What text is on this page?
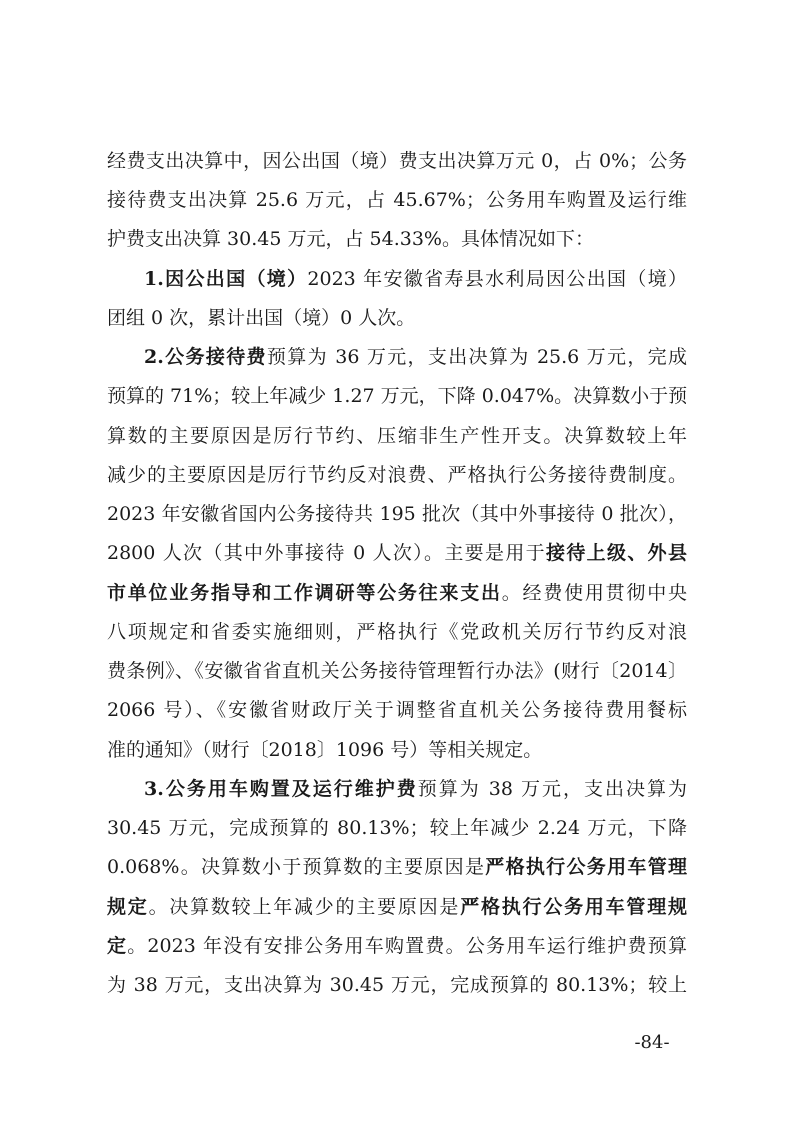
经费支出决算中，因公出国（境）费支出决算万元 0，占 0%；公务
接待费支出决算 25.6 万元，占 45.67%；公务用车购置及运行维
护费支出决算 30.45 万元，占 54.33%。具体情况如下：
1.因公出国（境）2023 年安徽省寿县水利局因公出国（境）
团组 0 次，累计出国（境）0 人次。
2.公务接待费预算为 36 万元，支出决算为 25.6 万元，完成
预算的 71%；较上年减少 1.27 万元，下降 0.047%。决算数小于预
算数的主要原因是厉行节约、压缩非生产性开支。决算数较上年
减少的主要原因是厉行节约反对浪费、严格执行公务接待费制度。
2023 年安徽省国内公务接待共 195 批次（其中外事接待 0 批次），
2800 人次（其中外事接待 0 人次）。主要是用于接待上级、外县
市单位业务指导和工作调研等公务往来支出。经费使用贯彻中央
八项规定和省委实施细则，严格执行《党政机关厉行节约反对浪
费条例》、《安徽省省直机关公务接待管理暂行办法》(财行〔2014〕
2066 号）、《安徽省财政厅关于调整省直机关公务接待费用餐标
准的通知》（财行〔2018〕1096 号）等相关规定。
3.公务用车购置及运行维护费预算为 38 万元，支出决算为
30.45 万元，完成预算的 80.13%；较上年减少 2.24 万元，下降
0.068%。决算数小于预算数的主要原因是严格执行公务用车管理
规定。决算数较上年减少的主要原因是严格执行公务用车管理规
定。2023 年没有安排公务用车购置费。公务用车运行维护费预算
为 38 万元，支出决算为 30.45 万元，完成预算的 80.13%；较上
-84-
